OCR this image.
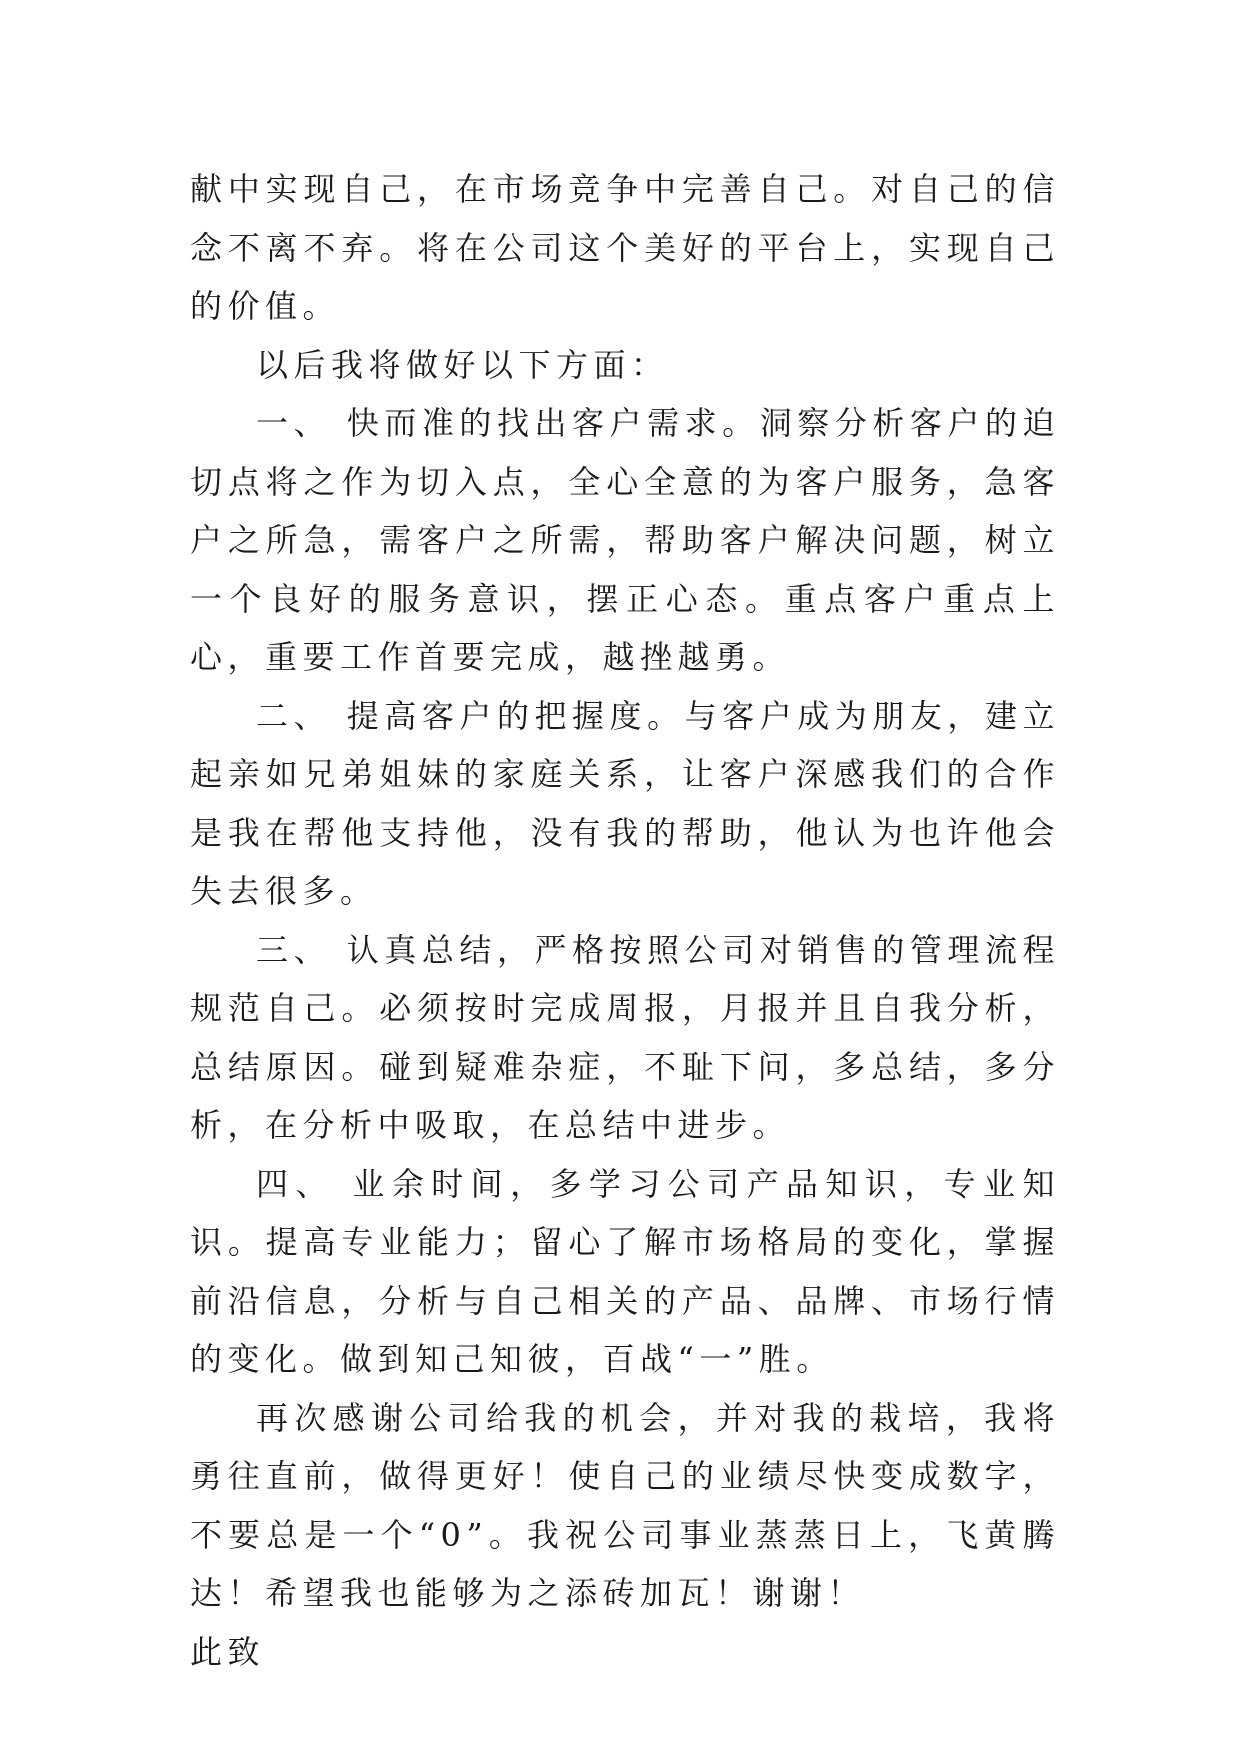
献中实现自己，在市场竞争中完善自己。对自己的信念不离不弃。将在公司这个美好的平台上，实现自己的价值。

以后我将做好以下方面：

一、 快而准的找出客户需求。洞察分析客户的迫切点将之作为切入点，全心全意的为客户服务，急客户之所急，需客户之所需，帮助客户解决问题，树立一个良好的服务意识，摆正心态。重点客户重点上心，重要工作首要完成，越挫越勇。

二、 提高客户的把握度。与客户成为朋友，建立起亲如兄弟姐妹的家庭关系，让客户深感我们的合作是我在帮他支持他，没有我的帮助，他认为也许他会失去很多。

三、 认真总结，严格按照公司对销售的管理流程规范自己。必须按时完成周报，月报并且自我分析，总结原因。碰到疑难杂症，不耻下问，多总结，多分析，在分析中吸取，在总结中进步。

四、 业余时间，多学习公司产品知识，专业知识。提高专业能力；留心了解市场格局的变化，掌握前沿信息，分析与自己相关的产品、品牌、市场行情的变化。做到知己知彼，百战“一”胜。

再次感谢公司给我的机会，并对我的栽培，我将勇往直前，做得更好！使自己的业绩尽快变成数字，不要总是一个“0”。我祝公司事业蒸蒸日上，飞黄腾达！希望我也能够为之添砖加瓦！谢谢！

此致
